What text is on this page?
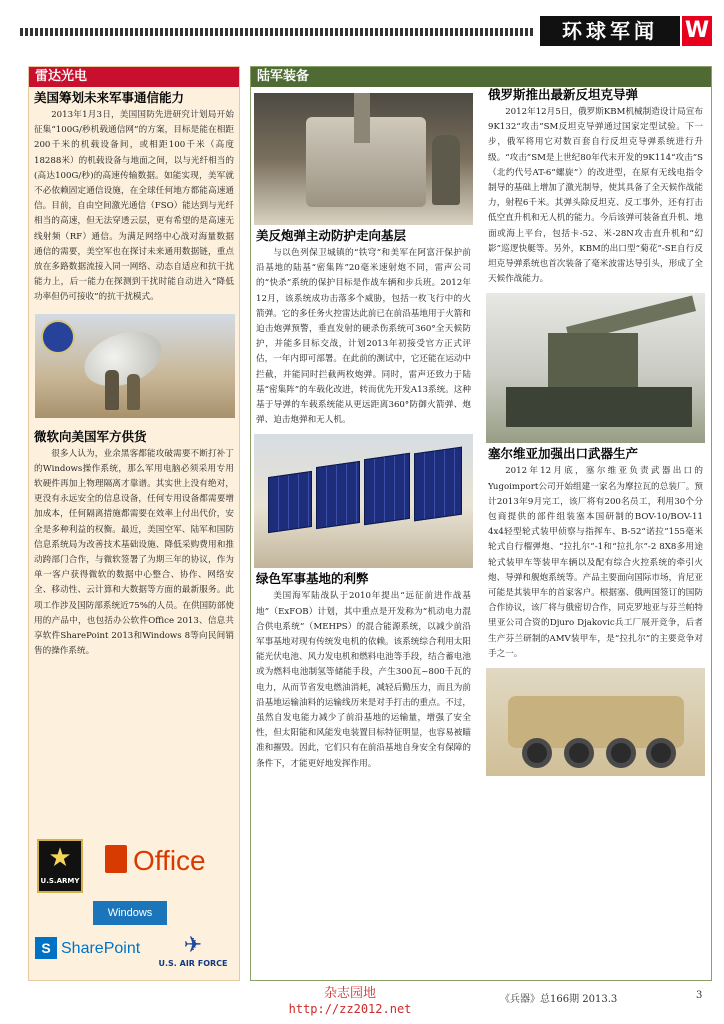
环球军闻	W
雷达光电
美国筹划未来军事通信能力

2013年1月3日，美国国防先进研究计划局开始征集“100G/秒机载通信网”的方案，目标是能在相距200千米的机载设备间，或相距100千米（高度18288米）的机载设备与地面之间，以与光纤相当的(高达100G/秒)的高速传输数据。如能实现，美军就不必依赖固定通信设施，在全球任何地方都能高速通信。目前，自由空间激光通信（FSO）能达到与光纤相当的高速，但无法穿透云层，更有希望的是高速无线射频（RF）通信。为满足网络中心战对海量数据通信的需要，美空军也在探讨未来通用数据链，重点放在多路数据流接入同一网络、动态自适应和抗干扰能力上，后一能力在探测到干扰时能自动进入“降低功率但仍可接收”的抗干扰模式。

微软向美国军方供货

很多人认为，业余黑客都能攻破需要不断打补丁的Windows操作系统，那么军用电脑必须采用专用软硬件再加上物理隔离才靠谱。其实世上没有绝对，更没有永远安全的信息设备，任何专用设备都需要增加成本，任何隔离措施都需要在效率上付出代价，安全是多种利益的权衡。最近，美国空军、陆军和国防信息系统局为改善技术基础设施、降低采购费用和推动跨部门合作，与微软签署了为期三年的协议，作为单一客户获得微软的数据中心整合、协作、网络安全、移动性、云计算和大数据等方面的最新服务。此项工作涉及国防部系统近75%的人员。在供国防部使用的产品中，也包括办公软件Office 2013、信息共享软件SharePoint 2013和Windows 8等向民间销售的操作系统。

★
U.S.ARMY
Office
Windows
S SharePoint	✈
U.S. AIR FORCE
陆军装备
美反炮弹主动防护走向基层

与以色列保卫城镇的“铁穹”和美军在阿富汗保护前沿基地的陆基“密集阵”20毫米速射炮不同，雷声公司的“快杀”系统的保护目标是作战车辆和步兵班。2012年12月，该系统成功击落多个威胁，包括一枚飞行中的火箭弹。它的多任务火控雷达此前已在前沿基地用于火箭和迫击炮弹预警，垂直发射的硬杀伤系统可360°全天候防护，并能多目标交战，计划2013年初接受官方正式评估，一年内即可部署。在此前的测试中，它还能在运动中拦截，并能同时拦截两枚炮弹。同时，雷声还致力于陆基“密集阵”的车载化改进，转而优先开发A13系统。这种基于导弹的车载系统能从更远距离360°防御火箭弹、炮弹、迫击炮弹和无人机。

绿色军事基地的利弊

美国海军陆战队于2010年提出“远征前进作战基地”（ExFOB）计划，其中重点是开发称为“机动电力混合供电系统”（MEHPS）的混合能源系统，以减少前沿军事基地对现有传统发电机的依赖。该系统综合利用太阳能光伏电池、风力发电机和燃料电池等手段，结合蓄电池或为燃料电池制氢等储能手段，产生300瓦~800千瓦的电力，从而节省发电燃油消耗，减轻后勤压力，而且为前沿基地运输油料的运输线历来是对手打击的重点。不过，虽然自发电能力减少了前沿基地的运输量，增强了安全性，但太阳能和风能发电装置目标特征明显，也容易被瞄准和摧毁。因此，它们只有在前沿基地自身安全有保障的条件下，才能更好地发挥作用。

俄罗斯推出最新反坦克导弹

2012年12月5日，俄罗斯KBM机械制造设计局宣布9K132“攻击”SM反坦克导弹通过国家定型试验。下一步，俄军将用它对数百套自行反坦克导弹系统进行升级。“攻击”SM是上世纪80年代末开发的9K114“攻击”S（北约代号AT-6“螺旋”）的改进型，在原有无线电指令制导的基础上增加了激光制导，使其具备了全天候作战能力，射程6千米。其弹头除反坦克、反工事外，还有打击低空直升机和无人机的能力。今后该弹可装备直升机、地面或海上平台，包括卡-52、米-28N攻击直升机和“幻影”巡逻快艇等。另外，KBM的出口型“菊花”-SE自行反坦克导弹系统也首次装备了毫米波雷达导引头，形成了全天候作战能力。

塞尔维亚加强出口武器生产

2012年12月底，塞尔维亚负责武器出口的Yugoimport公司开始组建一家名为摩拉瓦的总装厂。预计2013年9月完工，该厂将有200名员工，利用30个分包商提供的部件组装塞本国研制的BOV-10/BOV-11 4x4轻型轮式装甲侦察与指挥车、B-52“诺拉”155毫米轮式自行榴弹炮、“拉扎尔”-1和“拉扎尔”-2 8X8多用途轮式装甲车等装甲车辆以及配有综合火控系统的牵引火炮、导弹和舰炮系统等。产品主要面向国际市场，肯尼亚可能是其装甲车的首家客户。根据塞、俄两国签订的国防合作协议，该厂将与俄密切合作，同克罗地亚与芬兰帕特里亚公司合资的Djuro Djakovic兵工厂展开竞争，后者生产芬兰研制的AMV装甲车，是“拉扎尔”的主要竞争对手之一。

杂志园地
http://zz2012.net
《兵器》总166期 2013.3	3
